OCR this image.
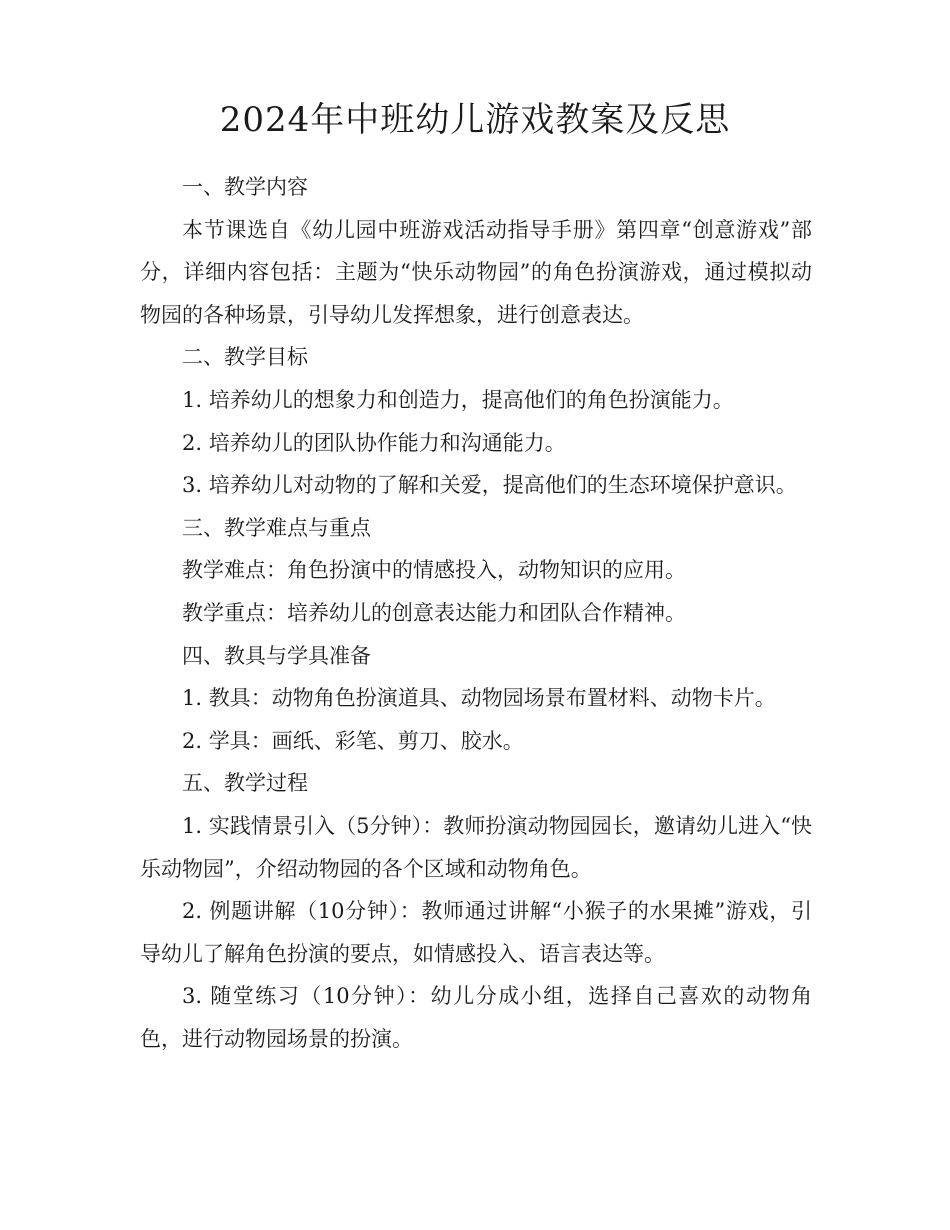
2024年中班幼儿游戏教案及反思

一、教学内容

本节课选自《幼儿园中班游戏活动指导手册》第四章“创意游戏”部分，详细内容包括：主题为“快乐动物园”的角色扮演游戏，通过模拟动物园的各种场景，引导幼儿发挥想象，进行创意表达。

二、教学目标

1. 培养幼儿的想象力和创造力，提高他们的角色扮演能力。

2. 培养幼儿的团队协作能力和沟通能力。

3. 培养幼儿对动物的了解和关爱，提高他们的生态环境保护意识。

三、教学难点与重点

教学难点：角色扮演中的情感投入，动物知识的应用。

教学重点：培养幼儿的创意表达能力和团队合作精神。

四、教具与学具准备

1. 教具：动物角色扮演道具、动物园场景布置材料、动物卡片。

2. 学具：画纸、彩笔、剪刀、胶水。

五、教学过程

1. 实践情景引入（5分钟）：教师扮演动物园园长，邀请幼儿进入“快乐动物园”，介绍动物园的各个区域和动物角色。

2. 例题讲解（10分钟）：教师通过讲解“小猴子的水果摊”游戏，引导幼儿了解角色扮演的要点，如情感投入、语言表达等。

3. 随堂练习（10分钟）：幼儿分成小组，选择自己喜欢的动物角色，进行动物园场景的扮演。
